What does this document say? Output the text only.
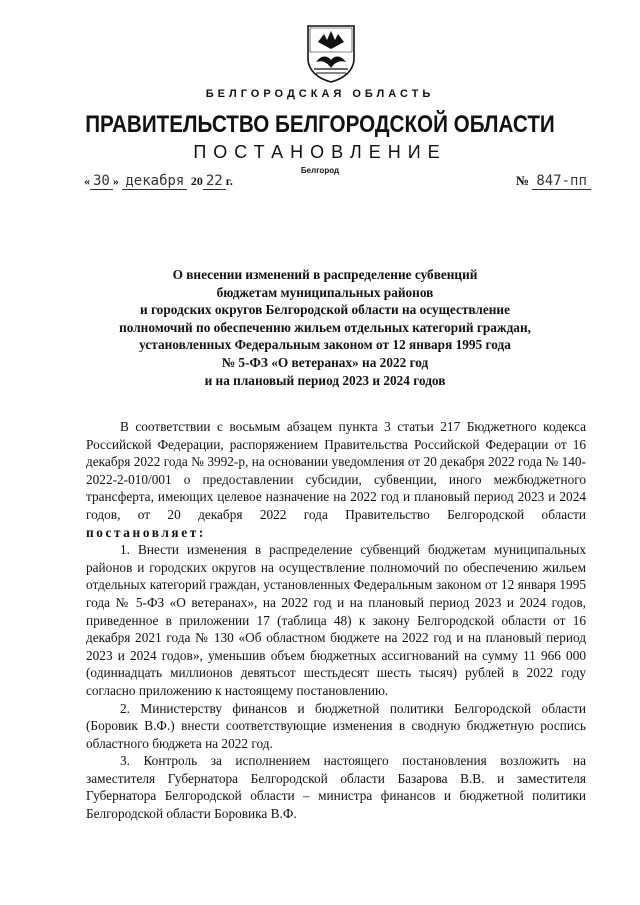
БЕЛГОРОДСКАЯ ОБЛАСТЬ
ПРАВИТЕЛЬСТВО БЕЛГОРОДСКОЙ ОБЛАСТИ
ПОСТАНОВЛЕНИЕ
Белгород
« 30 » декабря 20 22 г.	№ 847-пп
О внесении изменений в распределение субвенций
бюджетам муниципальных районов
и городских округов Белгородской области на осуществление
полномочий по обеспечению жильем отдельных категорий граждан,
установленных Федеральным законом от 12 января 1995 года
№ 5-ФЗ «О ветеранах» на 2022 год
и на плановый период 2023 и 2024 годов

В соответствии с восьмым абзацем пункта 3 статьи 217 Бюджетного кодекса Российской Федерации, распоряжением Правительства Российской Федерации от 16 декабря 2022 года № 3992-р, на основании уведомления от 20 декабря 2022 года № 140-2022-2-010/001 о предоставлении субсидии, субвенции, иного межбюджетного трансферта, имеющих целевое назначение на 2022 год и плановый период 2023 и 2024 годов, от 20 декабря 2022 года Правительство Белгородской области постановляет:

1. Внести изменения в распределение субвенций бюджетам муниципальных районов и городских округов на осуществление полномочий по обеспечению жильем отдельных категорий граждан, установленных Федеральным законом от 12 января 1995 года № 5-ФЗ «О ветеранах», на 2022 год и на плановый период 2023 и 2024 годов, приведенное в приложении 17 (таблица 48) к закону Белгородской области от 16 декабря 2021 года № 130 «Об областном бюджете на 2022 год и на плановый период 2023 и 2024 годов», уменьшив объем бюджетных ассигнований на сумму 11 966 000 (одиннадцать миллионов девятьсот шестьдесят шесть тысяч) рублей в 2022 году согласно приложению к настоящему постановлению.

2. Министерству финансов и бюджетной политики Белгородской области (Боровик В.Ф.) внести соответствующие изменения в сводную бюджетную роспись областного бюджета на 2022 год.

3. Контроль за исполнением настоящего постановления возложить на заместителя Губернатора Белгородской области Базарова В.В. и заместителя Губернатора Белгородской области – министра финансов и бюджетной политики Белгородской области Боровика В.Ф.
